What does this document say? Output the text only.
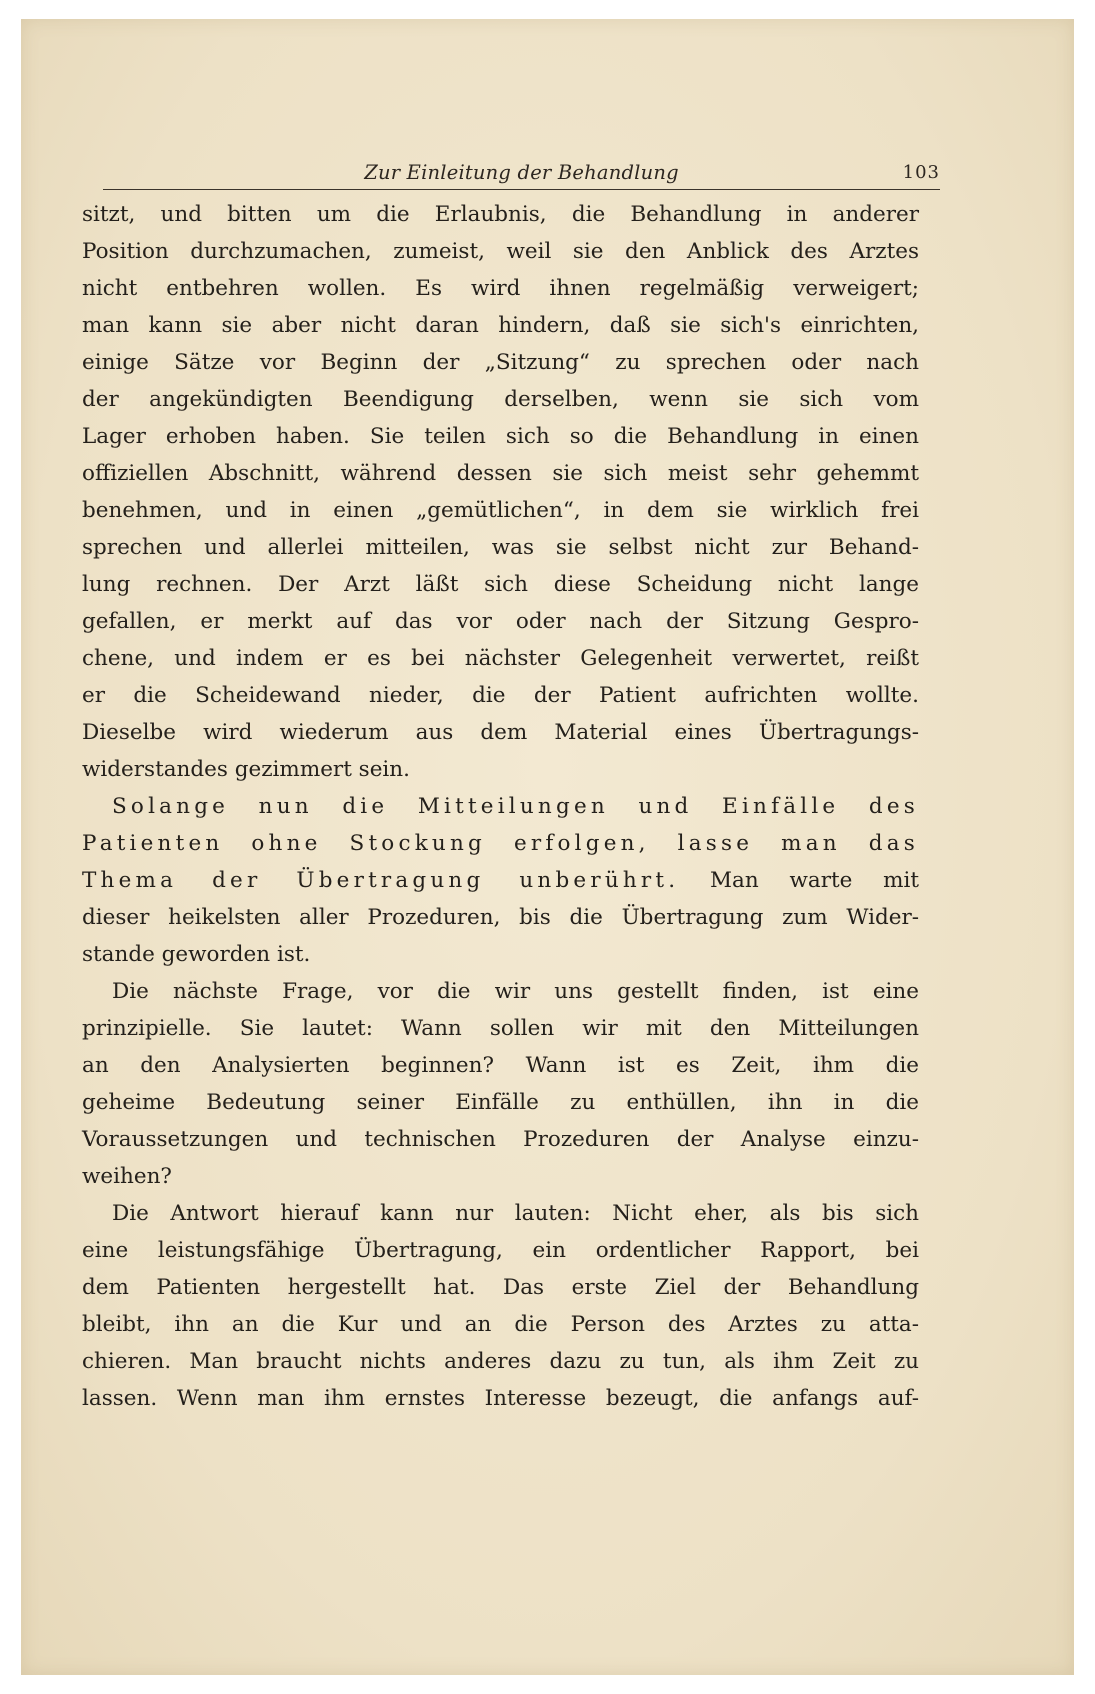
Zur Einleitung der Behandlung	103
sitzt, und bitten um die Erlaubnis, die Behandlung in anderer
Position durchzumachen, zumeist, weil sie den Anblick des Arztes
nicht entbehren wollen. Es wird ihnen regelmäßig verweigert;
man kann sie aber nicht daran hindern, daß sie sich's einrichten,
einige Sätze vor Beginn der „Sitzung“ zu sprechen oder nach
der angekündigten Beendigung derselben, wenn sie sich vom
Lager erhoben haben. Sie teilen sich so die Behandlung in einen
offiziellen Abschnitt, während dessen sie sich meist sehr gehemmt
benehmen, und in einen „gemütlichen“, in dem sie wirklich frei
sprechen und allerlei mitteilen, was sie selbst nicht zur Behand-
lung rechnen. Der Arzt läßt sich diese Scheidung nicht lange
gefallen, er merkt auf das vor oder nach der Sitzung Gespro-
chene, und indem er es bei nächster Gelegenheit verwertet, reißt
er die Scheidewand nieder, die der Patient aufrichten wollte.
Dieselbe wird wiederum aus dem Material eines Übertragungs-
widerstandes gezimmert sein.
Solange nun die Mitteilungen und Einfälle des
Patienten ohne Stockung erfolgen, lasse man das
Thema der Übertragung unberührt. Man warte mit
dieser heikelsten aller Prozeduren, bis die Übertragung zum Wider-
stande geworden ist.
Die nächste Frage, vor die wir uns gestellt finden, ist eine
prinzipielle. Sie lautet: Wann sollen wir mit den Mitteilungen
an den Analysierten beginnen? Wann ist es Zeit, ihm die
geheime Bedeutung seiner Einfälle zu enthüllen, ihn in die
Voraussetzungen und technischen Prozeduren der Analyse einzu-
weihen?
Die Antwort hierauf kann nur lauten: Nicht eher, als bis sich
eine leistungsfähige Übertragung, ein ordentlicher Rapport, bei
dem Patienten hergestellt hat. Das erste Ziel der Behandlung
bleibt, ihn an die Kur und an die Person des Arztes zu atta-
chieren. Man braucht nichts anderes dazu zu tun, als ihm Zeit zu
lassen. Wenn man ihm ernstes Interesse bezeugt, die anfangs auf-
